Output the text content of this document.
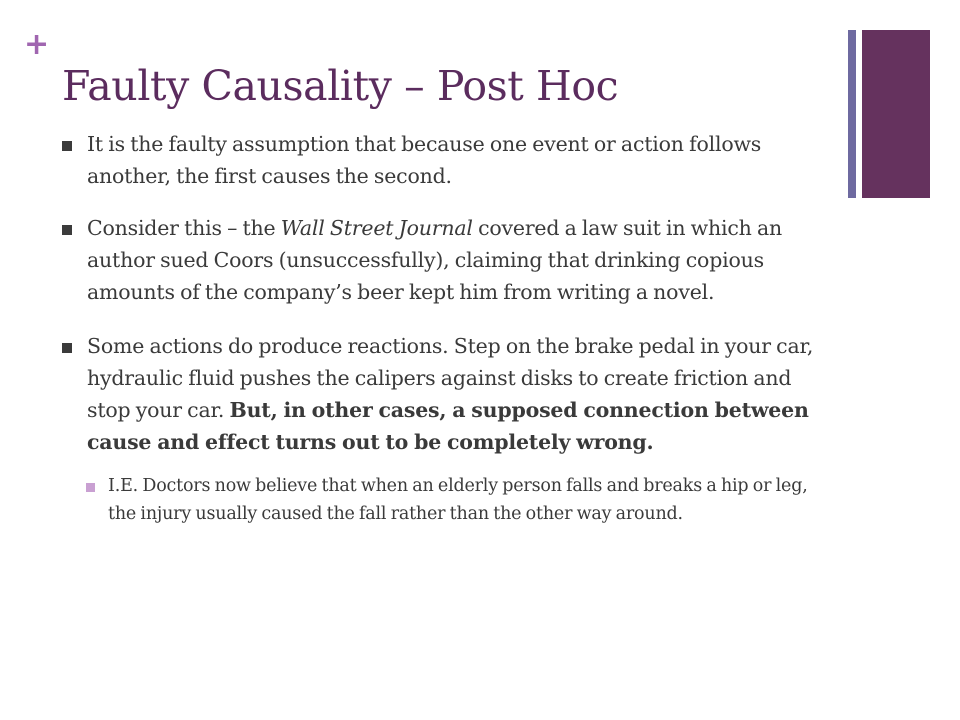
+
Faulty Causality – Post Hoc
It is the faulty assumption that because one event or action follows another, the first causes the second.
Consider this – the Wall Street Journal covered a law suit in which an author sued Coors (unsuccessfully), claiming that drinking copious amounts of the company’s beer kept him from writing a novel.
Some actions do produce reactions. Step on the brake pedal in your car, hydraulic fluid pushes the calipers against disks to create friction and stop your car. But, in other cases, a supposed connection between cause and effect turns out to be completely wrong.
I.E. Doctors now believe that when an elderly person falls and breaks a hip or leg, the injury usually caused the fall rather than the other way around.
